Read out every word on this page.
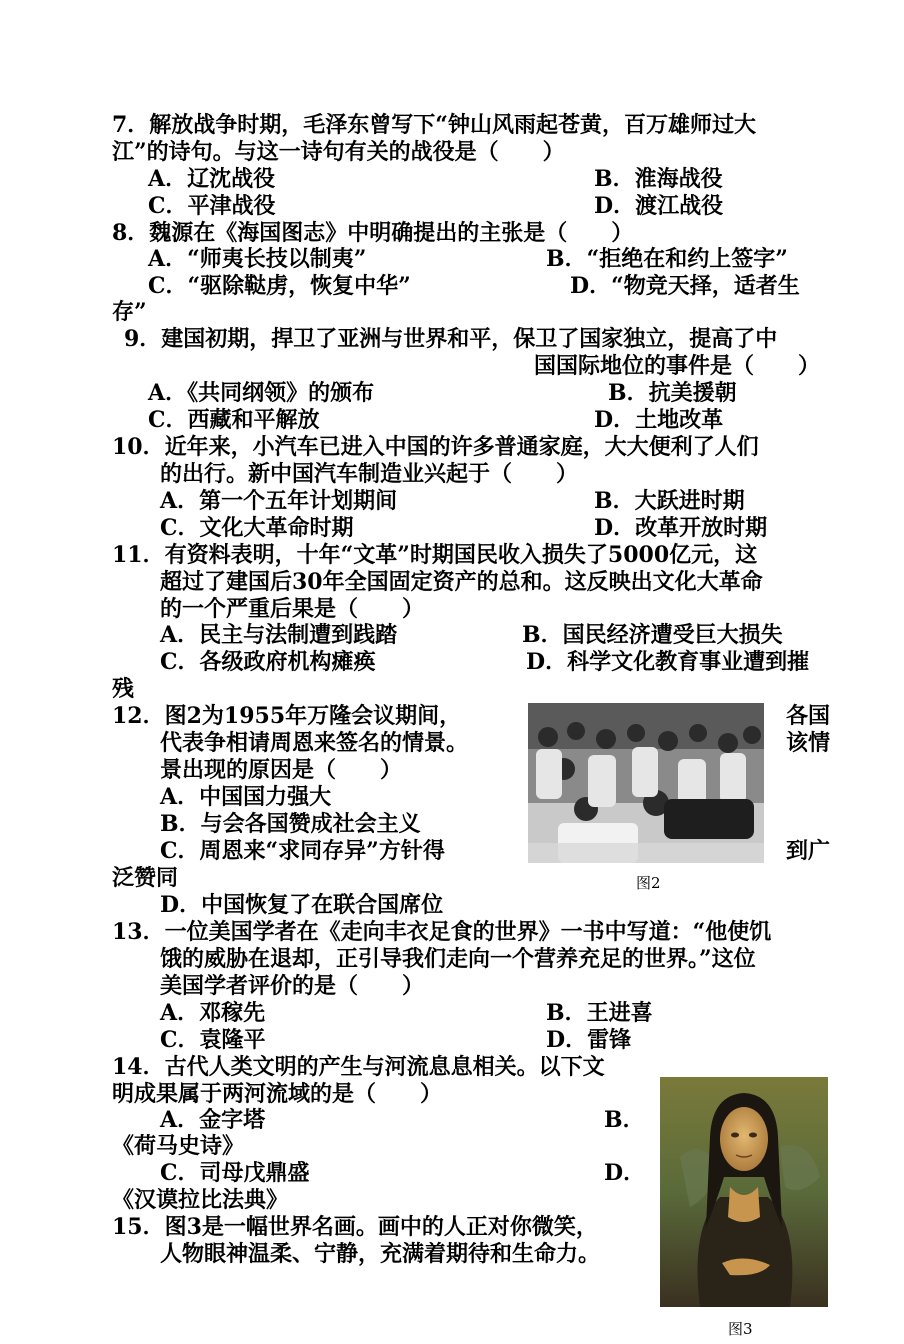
7．解放战争时期，毛泽东曾写下“钟山风雨起苍黄，百万雄师过大
江”的诗句。与这一诗句有关的战役是（　　）
A．辽沈战役	B．淮海战役
C．平津战役	D．渡江战役
8．魏源在《海国图志》中明确提出的主张是（　　）
A．“师夷长技以制夷”	B．“拒绝在和约上签字”
C．“驱除鞑虏，恢复中华”	D．“物竞天择，适者生
存”
9．建国初期，捍卫了亚洲与世界和平，保卫了国家独立，提高了中
国国际地位的事件是（　　）
A．《共同纲领》的颁布	B．抗美援朝
C．西藏和平解放	D．土地改革
10．近年来，小汽车已进入中国的许多普通家庭，大大便利了人们
的出行。新中国汽车制造业兴起于（　　）
A．第一个五年计划期间	B．大跃进时期
C．文化大革命时期	D．改革开放时期
11．有资料表明，十年“文革”时期国民收入损失了5000亿元，这
超过了建国后30年全国固定资产的总和。这反映出文化大革命
的一个严重后果是（　　）
A．民主与法制遭到践踏	B．国民经济遭受巨大损失
C．各级政府机构瘫痪	D．科学文化教育事业遭到摧
残
12．图2为1955年万隆会议期间，	各国
代表争相请周恩来签名的情景。	该情
景出现的原因是（　　）
A．中国国力强大
B．与会各国赞成社会主义
C．周恩来“求同存异”方针得	到广
泛赞同
D．中国恢复了在联合国席位
图2
13．一位美国学者在《走向丰衣足食的世界》一书中写道：“他使饥
饿的威胁在退却，正引导我们走向一个营养充足的世界。”这位
美国学者评价的是（　　）
A．邓稼先	B．王进喜
C．袁隆平	D．雷锋
14．古代人类文明的产生与河流息息相关。以下文
明成果属于两河流域的是（　　）
A．金字塔	B．
《荷马史诗》
C．司母戊鼎盛	D．
《汉谟拉比法典》
15．图3是一幅世界名画。画中的人正对你微笑，
人物眼神温柔、宁静，充满着期待和生命力。
图3
